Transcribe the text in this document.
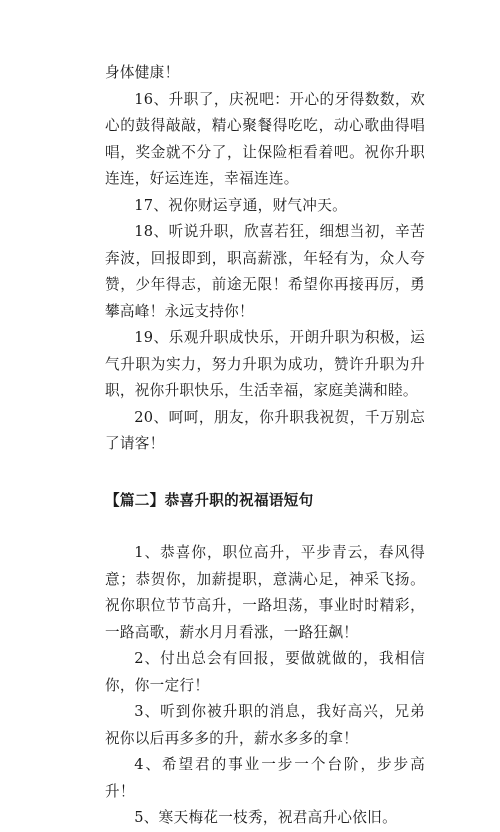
身体健康！

16、升职了，庆祝吧：开心的牙得数数，欢心的鼓得敲敲，精心聚餐得吃吃，动心歌曲得唱唱，奖金就不分了，让保险柜看着吧。祝你升职连连，好运连连，幸福连连。

17、祝你财运亨通，财气冲天。

18、听说升职，欣喜若狂，细想当初，辛苦奔波，回报即到，职高薪涨，年轻有为，众人夸赞，少年得志，前途无限！希望你再接再厉，勇攀高峰！永远支持你！

19、乐观升职成快乐，开朗升职为积极，运气升职为实力，努力升职为成功，赞许升职为升职，祝你升职快乐，生活幸福，家庭美满和睦。

20、呵呵，朋友，你升职我祝贺，千万别忘了请客！

【篇二】恭喜升职的祝福语短句

1、恭喜你，职位高升，平步青云，春风得意；恭贺你，加薪提职，意满心足，神采飞扬。祝你职位节节高升，一路坦荡，事业时时精彩，一路高歌，薪水月月看涨，一路狂飙！

2、付出总会有回报，要做就做的，我相信你，你一定行！

3、听到你被升职的消息，我好高兴，兄弟祝你以后再多多的升，薪水多多的拿！

4、希望君的事业一步一个台阶，步步高升！

5、寒天梅花一枝秀，祝君高升心依旧。
